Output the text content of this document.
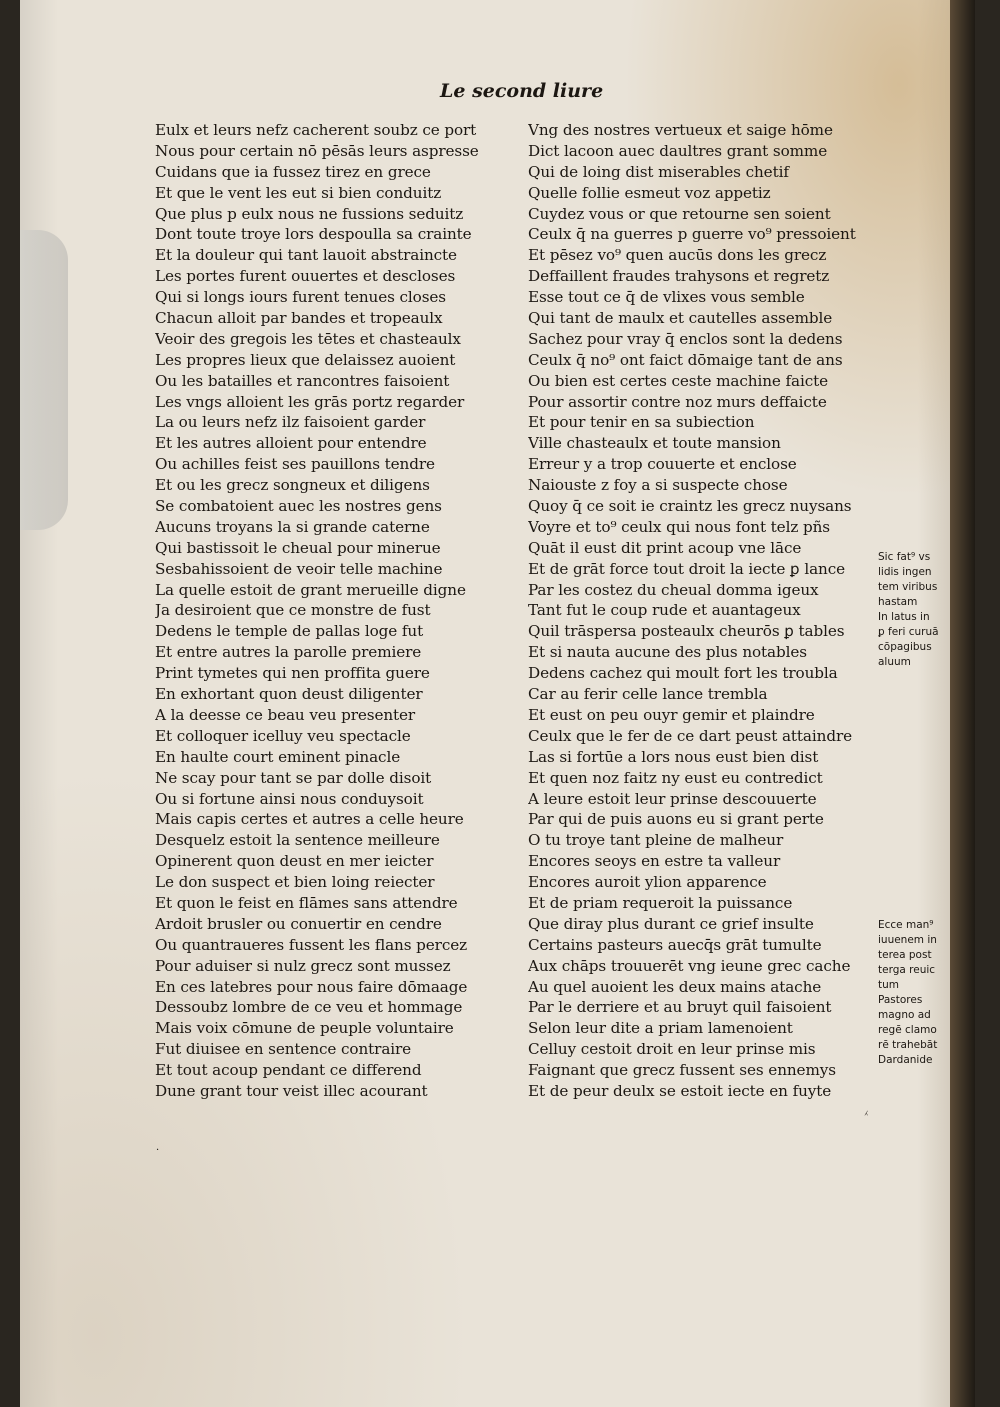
Le second liure
Eulx et leurs nefz cacherent soubz ce port
Nous pour certain nō pēsās leurs aspresse
Cuidans que ia fussez tirez en grece
Et que le vent les eut si bien conduitz
Que plus p eulx nous ne fussions seduitz
Dont toute troye lors despoulla sa crainte
Et la douleur qui tant lauoit abstraincte
Les portes furent ouuertes et descloses
Qui si longs iours furent tenues closes
Chacun alloit par bandes et tropeaulx
Veoir des gregois les tētes et chasteaulx
Les propres lieux que delaissez auoient
Ou les batailles et rancontres faisoient
Les vngs alloient les grās portz regarder
La ou leurs nefz ilz faisoient garder
Et les autres alloient pour entendre
Ou achilles feist ses pauillons tendre
Et ou les grecz songneux et diligens
Se combatoient auec les nostres gens
Aucuns troyans la si grande caterne
Qui bastissoit le cheual pour minerue
Sesbahissoient de veoir telle machine
La quelle estoit de grant merueille digne
Ja desiroient que ce monstre de fust
Dedens le temple de pallas loge fut
Et entre autres la parolle premiere
Print tymetes qui nen proffita guere
En exhortant quon deust diligenter
A la deesse ce beau veu presenter
Et colloquer icelluy veu spectacle
En haulte court eminent pinacle
Ne scay pour tant se par dolle disoit
Ou si fortune ainsi nous conduysoit
Mais capis certes et autres a celle heure
Desquelz estoit la sentence meilleure
Opinerent quon deust en mer ieicter
Le don suspect et bien loing reiecter
Et quon le feist en flāmes sans attendre
Ardoit brusler ou conuertir en cendre
Ou quantraueres fussent les flans percez
Pour aduiser si nulz grecz sont mussez
En ces latebres pour nous faire dōmaage
Dessoubz lombre de ce veu et hommage
Mais voix cōmune de peuple voluntaire
Fut diuisee en sentence contraire
Et tout acoup pendant ce differend
Dune grant tour veist illec acourant
Vng des nostres vertueux et saige hōme
Dict lacoon auec daultres grant somme
Qui de loing dist miserables chetif
Quelle follie esmeut voz appetiz
Cuydez vous or que retourne sen soient
Ceulx q̄ na guerres p guerre vo⁹ pressoient
Et pēsez vo⁹ quen aucūs dons les grecz
Deffaillent fraudes trahysons et regretz
Esse tout ce q̄ de vlixes vous semble
Qui tant de maulx et cautelles assemble
Sachez pour vray q̄ enclos sont la dedens
Ceulx q̄ no⁹ ont faict dōmaige tant de ans
Ou bien est certes ceste machine faicte
Pour assortir contre noz murs deffaicte
Et pour tenir en sa subiection
Ville chasteaulx et toute mansion
Erreur y a trop couuerte et enclose
Naiouste z foy a si suspecte chose
Quoy q̄ ce soit ie craintz les grecz nuysans
Voyre et to⁹ ceulx qui nous font telz pñs
Quāt il eust dit print acoup vne lāce
Et de grāt force tout droit la iecte ꝑ lance
Par les costez du cheual domma igeux
Tant fut le coup rude et auantageux
Quil trāspersa posteaulx cheurōs ꝑ tables
Et si nauta aucune des plus notables
Dedens cachez qui moult fort les troubla
Car au ferir celle lance trembla
Et eust on peu ouyr gemir et plaindre
Ceulx que le fer de ce dart peust attaindre
Las si fortūe a lors nous eust bien dist
Et quen noz faitz ny eust eu contredict
A leure estoit leur prinse descouuerte
Par qui de puis auons eu si grant perte
O tu troye tant pleine de malheur
Encores seoys en estre ta valleur
Encores auroit ylion apparence
Et de priam requeroit la puissance
Que diray plus durant ce grief insulte
Certains pasteurs auecq̄s grāt tumulte
Aux chāps trouuerēt vng ieune grec cache
Au quel auoient les deux mains atache
Par le derriere et au bruyt quil faisoient
Selon leur dite a priam lamenoient
Celluy cestoit droit en leur prinse mis
Faignant que grecz fussent ses ennemys
Et de peur deulx se estoit iecte en fuyte
Sic fat⁹ vs
lidis ingen
tem viribus
hastam
In latus in
ꝑ feri curuā
cōpagibus
aluum
Ecce man⁹
iuuenem in
terea post
terga reuic
tum
Pastores
magno ad
regē clamo
rē trahebāt
Dardanide
⁁
·
